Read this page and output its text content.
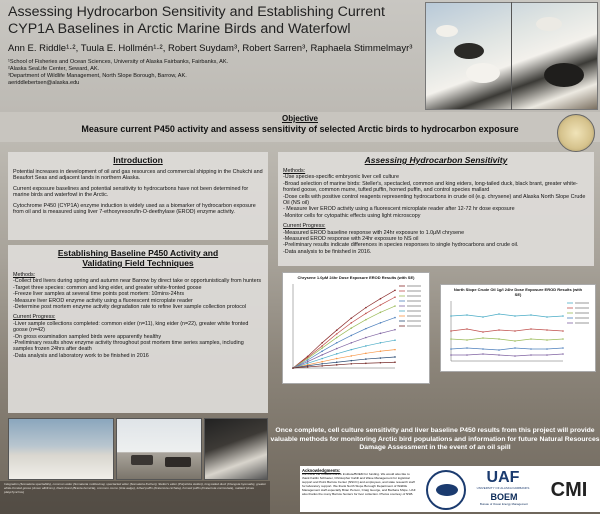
Assessing Hydrocarbon Sensitivity and Establishing Current CYP1A Baselines in Arctic Marine Birds and Waterfowl
Ann E. Riddle¹·², Tuula E. Hollmén¹·², Robert Suydam³, Robert Sarren³, Raphaela Stimmelmayr³
¹School of Fisheries and Ocean Sciences, University of Alaska Fairbanks, Fairbanks, AK.
²Alaska SeaLife Center, Seward, AK.
³Department of Wildlife Management, North Slope Borough, Barrow, AK.
aeriddlebertsen@alaska.edu
Objective
Measure current P450 activity and assess sensitivity of selected Arctic birds to hydrocarbon exposure
Introduction

Potential increases in development of oil and gas resources and commercial shipping in the Chukchi and Beaufort Seas and adjacent lands in northern Alaska.

Current exposure baselines and potential sensitivity to hydrocarbons have not been determined for marine birds and waterfowl in the Arctic.

Cytochrome P450 (CYP1A) enzyme induction is widely used as a biomarker of hydrocarbon exposure from oil and is measured using liver 7-ethoxyresorufin-O-deethylase (EROD) enzyme activity.

Establishing Baseline P450 Activity and
Validating Field Techniques

Methods:

-Collect bird livers during spring and autumn near Barrow by direct take or opportunistically from hunters

-Target three species: common and king eider, and greater white-fronted goose

-Freeze liver samples at several time points post mortem: 10mins-24hrs

-Measure liver EROD enzyme activity using a fluorescent microplate reader

-Determine post mortem enzyme activity degradation rate to refine liver sample collection protocol

Current Progress:

-Liver sample collections completed: common eider (n=11), king eider (n=22), greater white fronted goose (n=42)

-On gross examination sampled birds were apparently healthy

-Preliminary results show enzyme activity throughout post mortem time series samples, including samples frozen 24hrs after death

-Data analysis and laboratory work to be finished in 2016

Assessing Hydrocarbon Sensitivity

Methods:

-Use species-specific embryonic liver cell culture

-Broad selection of marine birds: Steller's, spectacled, common and king eiders, long-tailed duck, black brant, greater white-fronted goose, common murre, tufted puffin, horned puffin, and control species mallard

-Dose cells with positive control reagents representing hydrocarbons in crude oil (e.g. chrysene) and Alaska North Slope Crude Oil (NS oil)

- Measure liver EROD activity using a fluorescent microplate reader after 12-72 hr dose exposure

-Monitor cells for cytopathic effects using light microscopy

Current Progress:

-Measured EROD baseline response with 24hr exposure to 1.0μM chrysene

-Measured EROD response with 24hr exposure to NS oil

-Preliminary results indicate differences in species responses to single hydrocarbons and crude oil.

-Data analysis to be finished in 2016.

Chrysene 1.0μM 24hr Dose Exposure EROD Results (with SE)
North Slope Crude Oil 1g/l 24hr Dose Exposure EROD Results (with SE)
Once complete, cell culture sensitivity and liver baseline P450 results from this project will provide valuable methods for monitoring Arctic bird populations and information for future Natural Resources Damage Assessment in the event of an oil spill
Acknowledgments:
We thank the Coastal Marine Institute/BOEM for funding. We would also like to thank Kaitlin Schlueter, Christopher Cahill and Wave Management for logistical support and Point Barrow Center (NSCC) and employees, and state research staff for laboratory support. We thank North Slope Borough Department of Wildlife Management staff especially Brian Person, Craig George, and Barbara Shipe. UAF also thanks the many Barrow hunters for liver collection. Photos courtesy of NSB.
UAF
UNIVERSITY OF ALASKA FAIRBANKS
BOEM
Bureau of Ocean Energy Management
CMI
Integration (Somateria spectabilis), common eider (Somateria mollissima), spectacled eider (Somateria fischeri), Steller's eider (Polysticta stelleri), long-tailed duck (Clangula hyemalis), greater white-fronted goose (Anser albifrons), black brant (Branta bernicla), common murre (Uria aalge), tufted puffin (Fratercula cirrhata), horned puffin (Fratercula corniculata), mallard (Anas platyrhynchos)
